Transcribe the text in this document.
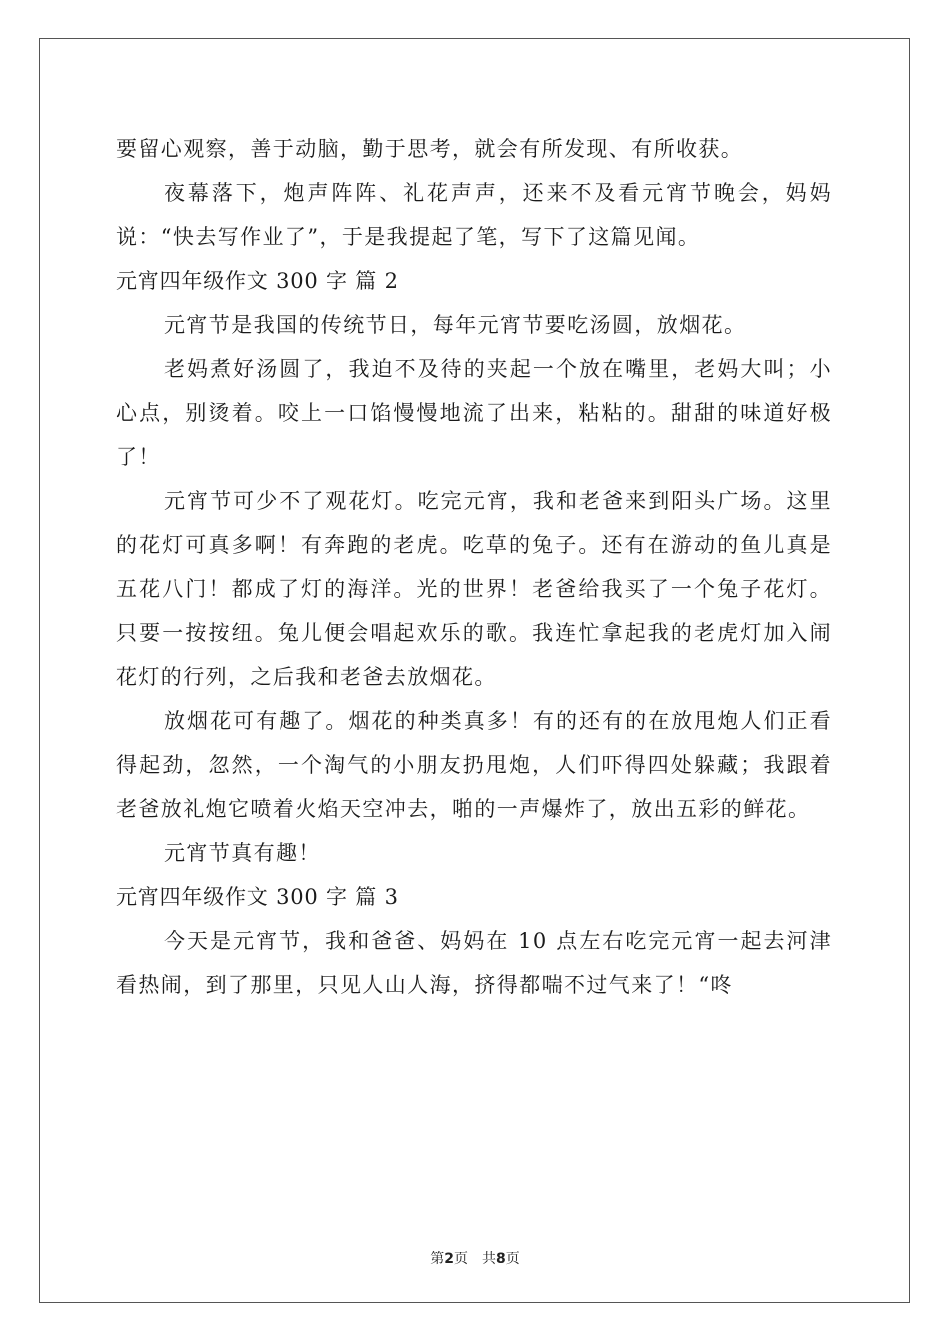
要留心观察，善于动脑，勤于思考，就会有所发现、有所收获。

夜幕落下，炮声阵阵、礼花声声，还来不及看元宵节晚会，妈妈说：“快去写作业了”，于是我提起了笔，写下了这篇见闻。

元宵四年级作文 300 字 篇 2

元宵节是我国的传统节日，每年元宵节要吃汤圆，放烟花。

老妈煮好汤圆了，我迫不及待的夹起一个放在嘴里，老妈大叫；小心点，别烫着。咬上一口馅慢慢地流了出来，粘粘的。甜甜的味道好极了！

元宵节可少不了观花灯。吃完元宵，我和老爸来到阳头广场。这里的花灯可真多啊！有奔跑的老虎。吃草的兔子。还有在游动的鱼儿真是五花八门！都成了灯的海洋。光的世界！老爸给我买了一个兔子花灯。只要一按按纽。兔儿便会唱起欢乐的歌。我连忙拿起我的老虎灯加入闹花灯的行列，之后我和老爸去放烟花。

放烟花可有趣了。烟花的种类真多！有的还有的在放甩炮人们正看得起劲，忽然，一个淘气的小朋友扔甩炮，人们吓得四处躲藏；我跟着老爸放礼炮它喷着火焰天空冲去，啪的一声爆炸了，放出五彩的鲜花。

元宵节真有趣！

元宵四年级作文 300 字 篇 3

今天是元宵节，我和爸爸、妈妈在 10 点左右吃完元宵一起去河津看热闹，到了那里，只见人山人海，挤得都喘不过气来了！“咚

第2页　共8页
